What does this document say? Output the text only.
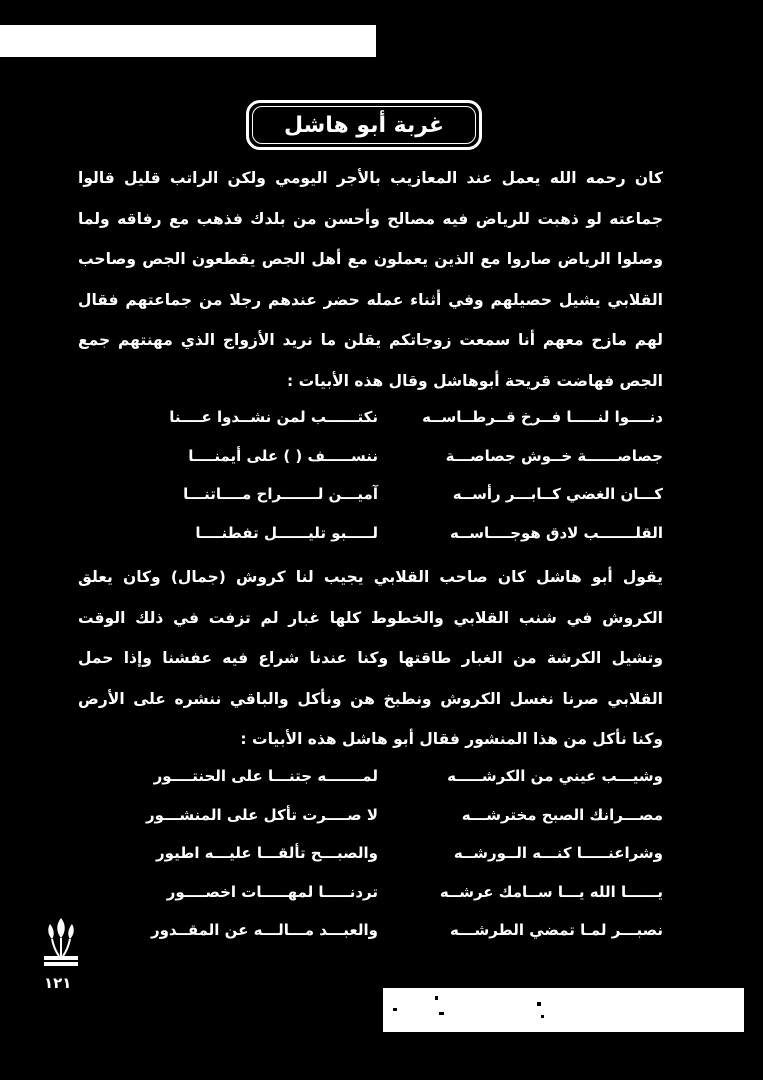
غربة أبو هاشل

كان رحمه الله يعمل عند المعازيب بالأجر اليومي ولكن الراتب قليل قالوا جماعته لو ذهبت للرياض فيه مصالح وأحسن من بلدك فذهب مع رفاقه ولما وصلوا الرياض صاروا مع الذين يعملون مع أهل الجص يقطعون الجص وصاحب القلابي يشيل حصيلهم وفي أثناء عمله حضر عندهم رجلا من جماعتهم فقال لهم مازح معهم أنا سمعت زوجاتكم يقلن ما نريد الأزواج الذي مهنتهم جمع الجص فهاضت قريحة أبوهاشل وقال هذه الأبيات :

دنــــوا لنـــــا فــرخ قــرطــاســه
نكتــــــب لمن نشــدوا عــــنا
جصاصــــــة خــوش جصاصـــة
ننســـــف ( ) على أيمنــــا
كـــان الغضي كــابـــر رأســه
آميـــن لـــــــراح مــــاتنـــا
القلـــــــب لادق هوجــــاســه
لـــــبو تليــــــل تفطنــــا

يقول أبو هاشل كان صاحب القلابي يجيب لنا كروش (جمال) وكان يعلق الكروش في شنب القلابي والخطوط كلها غبار لم تزفت في ذلك الوقت وتشيل الكرشة من الغبار طاقتها وكنا عندنا شراع فيه عفشنا وإذا حمل القلابي صرنا نغسل الكروش ونطبخ هن ونأكل والباقي ننشره على الأرض وكنا نأكل من هذا المنشور فقال أبو هاشل هذه الأبيات :

وشيـــب عيني من الكرشـــــه
لمـــــــه جتنـــا على الحنتــــور
مصـــرانك الصبح مخترشـــه
لا صــــرت تأكل على المنشـــور
وشراعنـــــا كنـــه الــورشــه
والصبـــح تألقـــا عليـــه اطيور
يــــــا الله يـــا ســامك عرشــه
تردنـــــا لمهـــــات اخصــــور
نصبـــر لمـا تمضي الطرشـــه
والعبـــد مـــالـــه عن المقــدور
١٢١
